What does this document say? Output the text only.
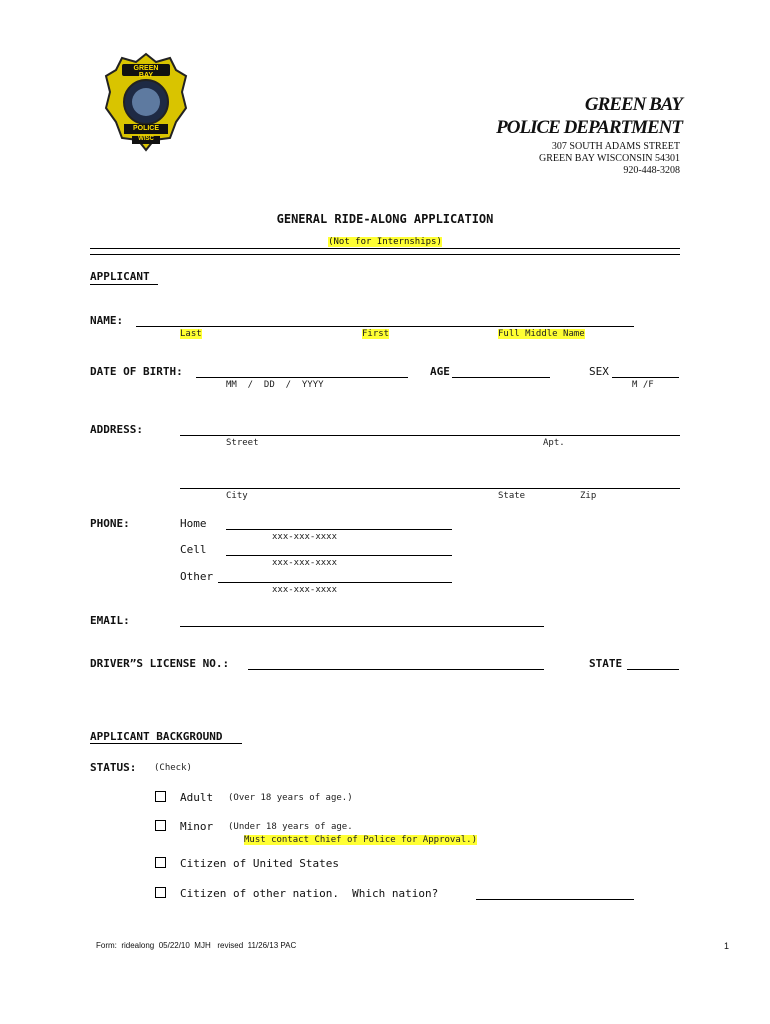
GREEN BAY
POLICE
WISC
GREEN BAY
POLICE DEPARTMENT
307 SOUTH ADAMS STREET
GREEN BAY WISCONSIN 54301
920-448-3208
GENERAL RIDE-ALONG APPLICATION
(Not for Internships)
APPLICANT
NAME:
Last	First	Full Middle Name
DATE OF BIRTH:
MM  /  DD  /  YYYY
AGE	SEX
M /F
ADDRESS:
Street	Apt.
City	State	Zip
PHONE:	Home
xxx-xxx-xxxx
Cell
xxx-xxx-xxxx
Other
xxx-xxx-xxxx
EMAIL:
DRIVER”S LICENSE NO.:	STATE
APPLICANT BACKGROUND
STATUS: (Check)
Adult (Over 18 years of age.)
Minor (Under 18 years of age.
Must contact Chief of Police for Approval.)
Citizen of United States
Citizen of other nation.  Which nation?
Form:  ridealong  05/22/10  MJH   revised  11/26/13 PAC	1
